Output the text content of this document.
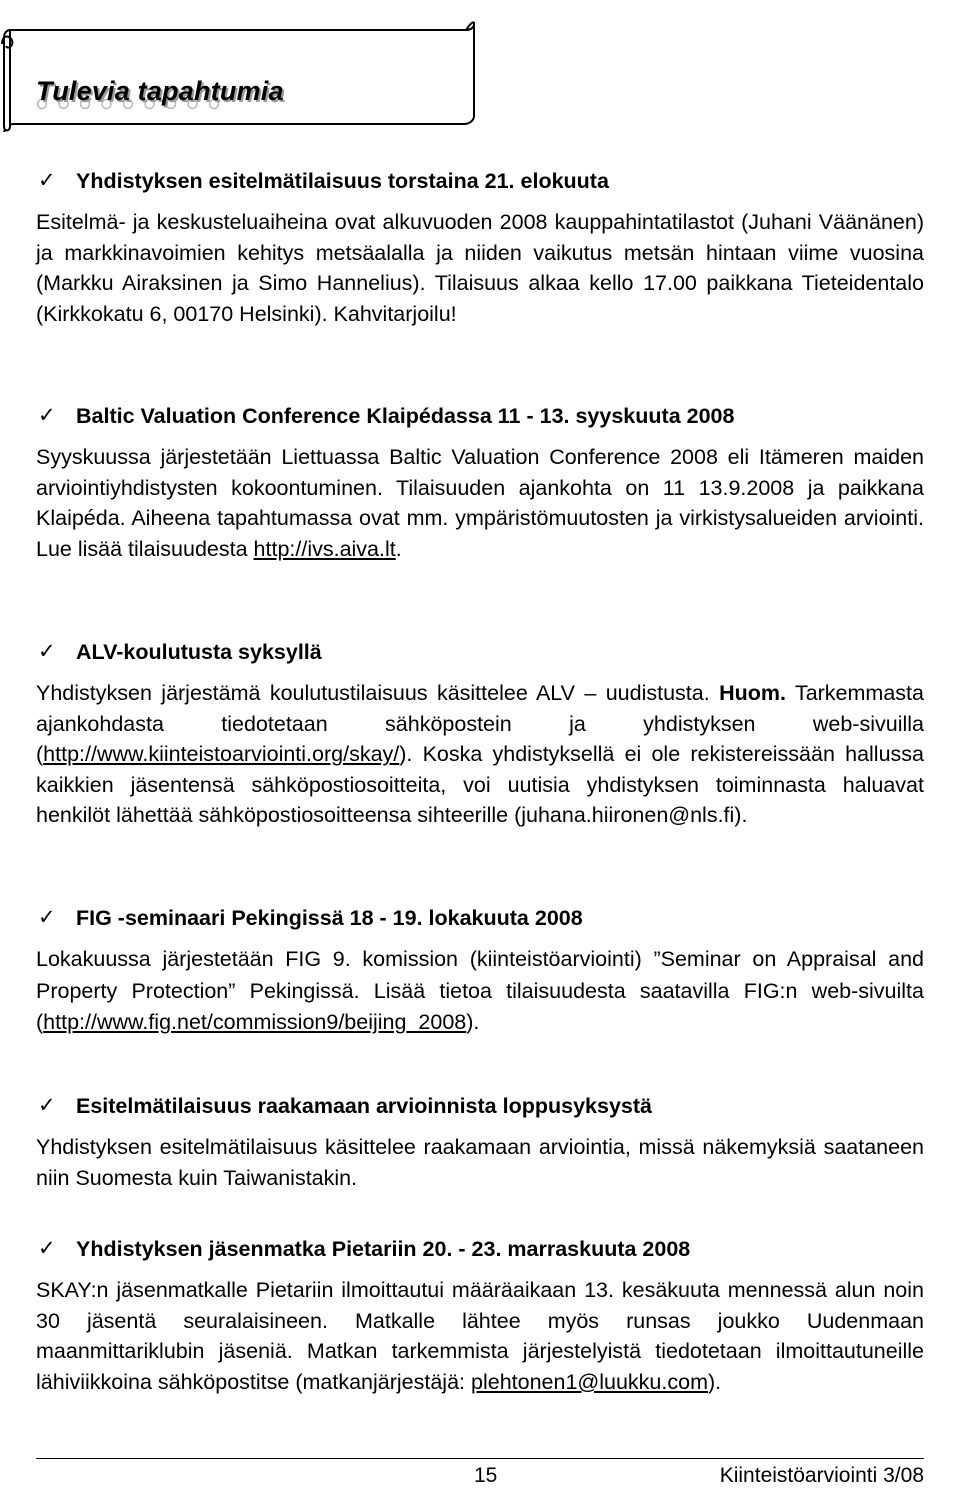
Tulevia tapahtumia
✓ Yhdistyksen esitelmätilaisuus torstaina 21. elokuuta
Esitelmä- ja keskusteluaiheina ovat alkuvuoden 2008 kauppahintatilastot (Juhani Väänänen) ja markkinavoimien kehitys metsäalalla ja niiden vaikutus metsän hintaan viime vuosina (Markku Airaksinen ja Simo Hannelius). Tilaisuus alkaa kello 17.00 paikkana Tieteidentalo (Kirkkokatu 6, 00170 Helsinki). Kahvitarjoilu!
✓ Baltic Valuation Conference Klaipédassa 11 - 13. syyskuuta 2008
Syyskuussa järjestetään Liettuassa Baltic Valuation Conference 2008 eli Itämeren maiden arviointiyhdistysten kokoontuminen. Tilaisuuden ajankohta on 11 13.9.2008 ja paikkana Klaipéda. Aiheena tapahtumassa ovat mm. ympäristömuutosten ja virkistysalueiden arviointi. Lue lisää tilaisuudesta http://ivs.aiva.lt.
✓ ALV-koulutusta syksyllä
Yhdistyksen järjestämä koulutustilaisuus käsittelee ALV – uudistusta. Huom. Tarkemmasta ajankohdasta tiedotetaan sähköpostein ja yhdistyksen web-sivuilla (http://www.kiinteistoarviointi.org/skay/). Koska yhdistyksellä ei ole rekistereissään hallussa kaikkien jäsentensä sähköpostiosoitteita, voi uutisia yhdistyksen toiminnasta haluavat henkilöt lähettää sähköpostiosoitteensa sihteerille (juhana.hiironen@nls.fi).
✓ FIG -seminaari Pekingissä 18 - 19. lokakuuta 2008
Lokakuussa järjestetään FIG 9. komission (kiinteistöarviointi) ”Seminar on Appraisal and Property Protection” Pekingissä. Lisää tietoa tilaisuudesta saatavilla FIG:n web-sivuilta (http://www.fig.net/commission9/beijing_2008).
✓ Esitelmätilaisuus raakamaan arvioinnista loppusyksystä
Yhdistyksen esitelmätilaisuus käsittelee raakamaan arviointia, missä näkemyksiä saataneen niin Suomesta kuin Taiwanistakin.
✓ Yhdistyksen jäsenmatka Pietariin 20. - 23. marraskuuta 2008
SKAY:n jäsenmatkalle Pietariin ilmoittautui määräaikaan 13. kesäkuuta mennessä alun noin 30 jäsentä seuralaisineen. Matkalle lähtee myös runsas joukko Uudenmaan maanmittariklubin jäseniä. Matkan tarkemmista järjestelyistä tiedotetaan ilmoittautuneille lähiviikkoina sähköpostitse (matkanjärjestäjä: plehtonen1@luukku.com).
15	Kiinteistöarviointi 3/08
